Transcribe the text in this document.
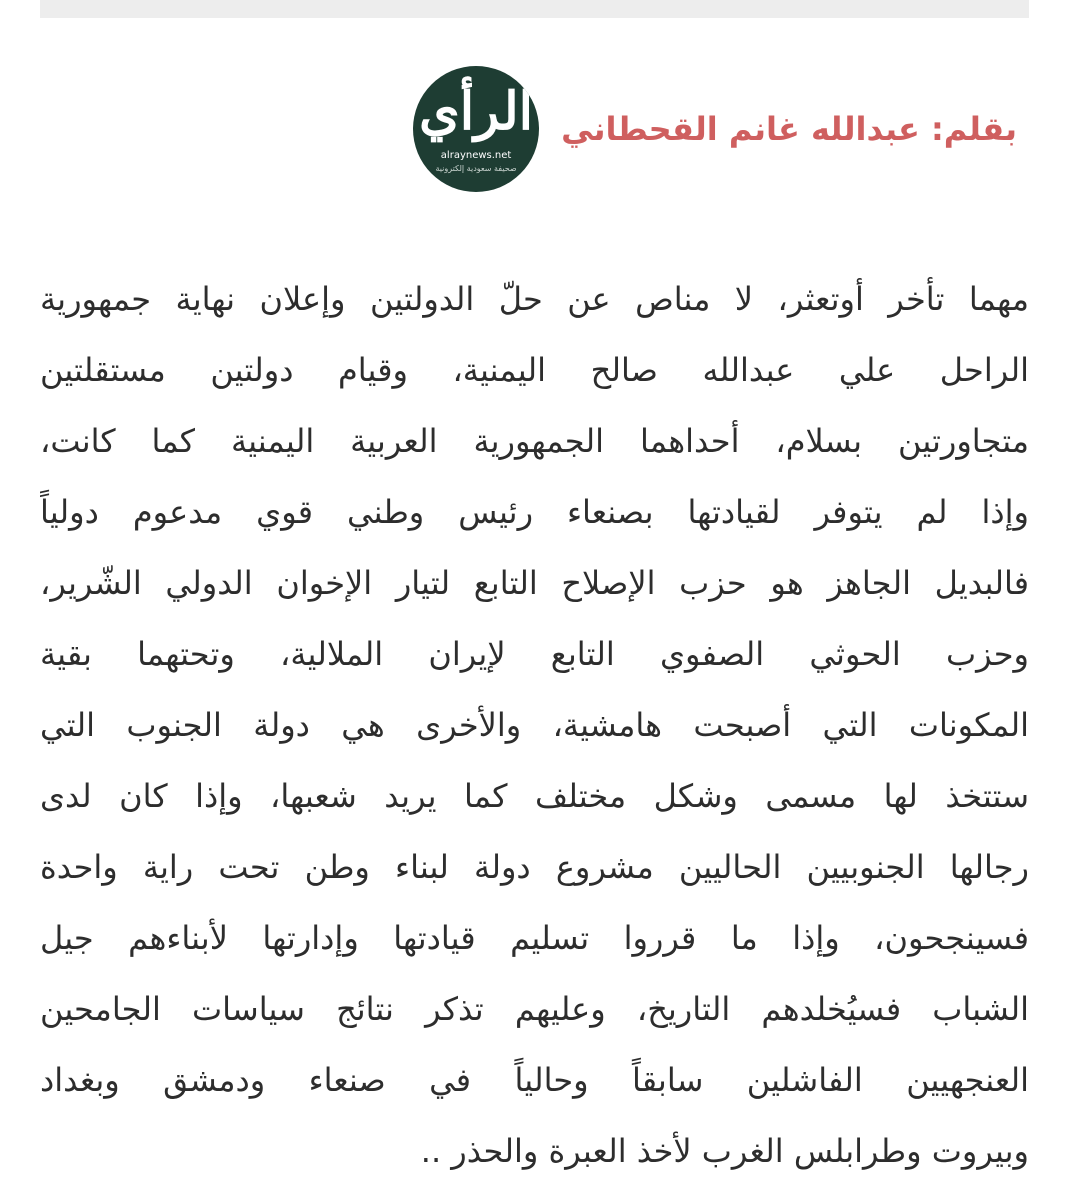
الرأي
alraynews.net
صحيفة سعودية إلكترونية
بقلم: عبدالله غانم القحطاني
مهما تأخر أوتعثر، لا مناص عن حلّ الدولتين وإعلان نهاية جمهورية
الراحل علي عبدالله صالح اليمنية، وقيام دولتين مستقلتين
متجاورتين بسلام، أحداهما الجمهورية العربية اليمنية كما كانت،
وإذا لم يتوفر لقيادتها بصنعاء رئيس وطني قوي مدعوم دولياً
فالبديل الجاهز هو حزب الإصلاح التابع لتيار الإخوان الدولي الشّرير،
وحزب الحوثي الصفوي التابع لإيران الملالية، وتحتهما بقية
المكونات التي أصبحت هامشية، والأخرى هي دولة الجنوب التي
ستتخذ لها مسمى وشكل مختلف كما يريد شعبها، وإذا كان لدى
رجالها الجنوبيين الحاليين مشروع دولة لبناء وطن تحت راية واحدة
فسينجحون، وإذا ما قرروا تسليم قيادتها وإدارتها لأبناءهم جيل
الشباب فسيُخلدهم التاريخ، وعليهم تذكر نتائج سياسات الجامحين
العنجهيين الفاشلين سابقاً وحالياً في صنعاء ودمشق وبغداد
وبيروت وطرابلس الغرب لأخذ العبرة والحذر ..
